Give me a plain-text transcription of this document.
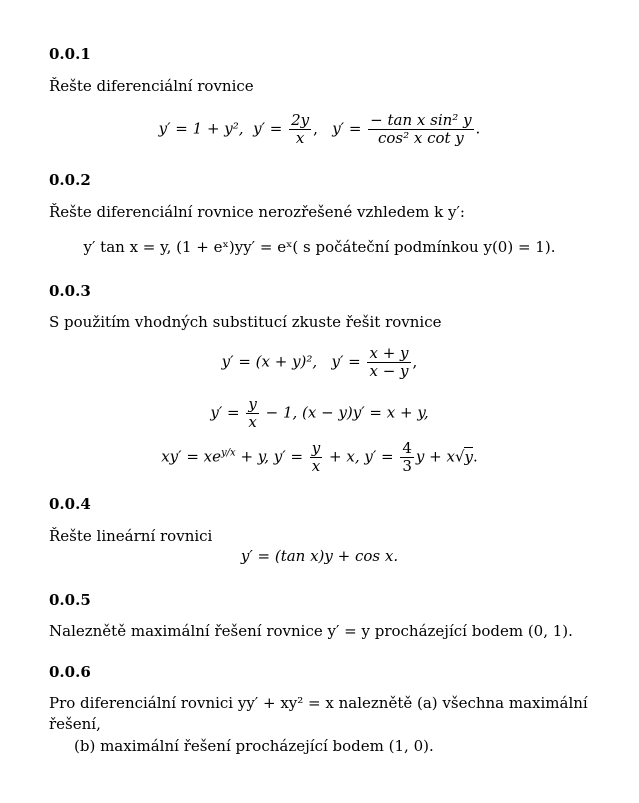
0.0.1
Řešte diferenciální rovnice
y′ = 1 + y²,  $y' = \frac{2y}{x}$ ,   $y' = \frac{\text{− tan x sin² y}}{\text{cos² x cot y}}$ .
0.0.2
Řešte diferenciální rovnice nerozřešené vzhledem k y′:
y′ tan x = y, (1 + eˣ)yy′ = eˣ( s počáteční podmínkou y(0) = 1).
0.0.3
S použitím vhodných substitucí zkuste řešit rovnice
y′ = (x + y)²,   $y' = \frac{x + y}{x - y}$ ,
$y' = \frac{y}{x} - 1$, (x − y)y′ = x + y,
$xy' = xe^{y/x} + y$, $y' = \frac{y}{x} + x$, $y' = \frac{4}{3}$ y + x√y.
0.0.4
Řešte lineární rovnici
y′ = (tan x)y + cos x.
0.0.5
Naleznětě maximální řešení rovnice y′ = y procházející bodem (0, 1).
0.0.6
Pro diferenciální rovnici yy′ + xy² = x naleznětě (a) všechna maximální
řešení,
(b) maximální řešení procházející bodem (1, 0).
